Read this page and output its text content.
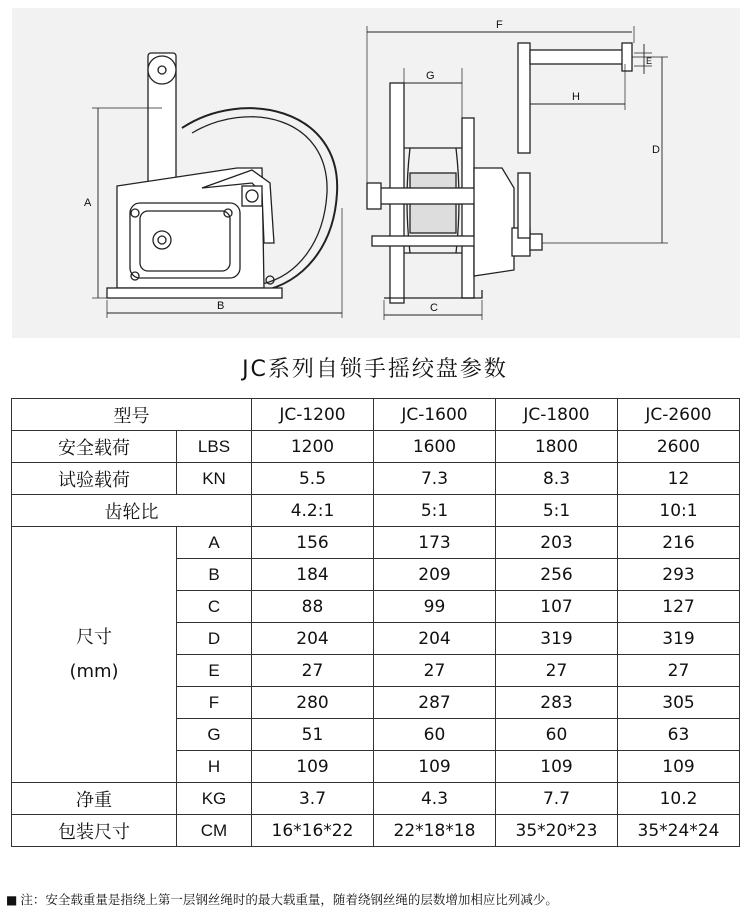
A
B	C
D
E
F
G
H
JC系列自锁手摇绞盘参数
型号		JC-1200	JC-1600	JC-1800	JC-2600
安全载荷	LBS	1200	1600	1800	2600
试验载荷	KN	5.5	7.3	8.3	12
齿轮比		4.2:1	5:1	5:1	10:1
尺寸
(mm)	A	156	173	203	216
	B	184	209	256	293
	C	88	99	107	127
	D	204	204	319	319
	E	27	27	27	27
	F	280	287	283	305
	G	51	60	60	63
	H	109	109	109	109
净重	KG	3.7	4.3	7.7	10.2
包装尺寸	CM	16*16*22	22*18*18	35*20*23	35*24*24
■ 注：安全载重量是指绕上第一层钢丝绳时的最大载重量，随着绕钢丝绳的层数增加相应比列减少。
